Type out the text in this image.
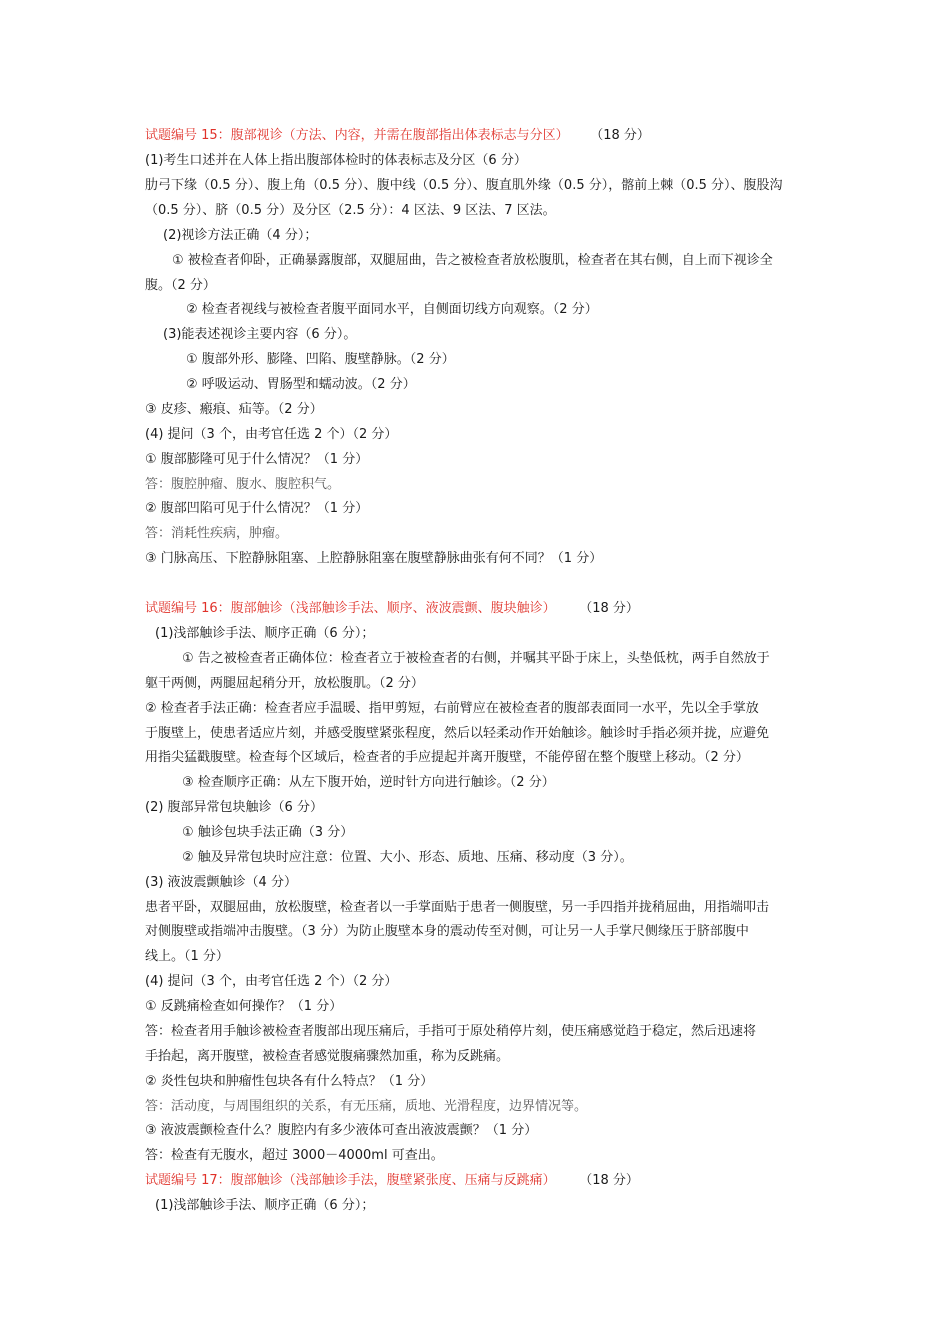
试题编号 15：腹部视诊（方法、内容，并需在腹部指出体表标志与分区） （18 分）
(1)考生口述并在人体上指出腹部体检时的体表标志及分区（6 分）
肋弓下缘（0.5 分）、腹上角（0.5 分）、腹中线（0.5 分）、腹直肌外缘（0.5 分），髂前上棘（0.5 分）、腹股沟
（0.5 分）、脐（0.5 分）及分区（2.5 分）：4 区法、9 区法、7 区法。
(2)视诊方法正确（4 分）；
① 被检查者仰卧，正确暴露腹部，双腿屈曲，告之被检查者放松腹肌，检查者在其右侧，自上而下视诊全
腹。（2 分）
② 检查者视线与被检查者腹平面同水平，自侧面切线方向观察。（2 分）
(3)能表述视诊主要内容（6 分）。
① 腹部外形、膨隆、凹陷、腹壁静脉。（2 分）
② 呼吸运动、胃肠型和蠕动波。（2 分）
③ 皮疹、瘢痕、疝等。（2 分）
(4) 提问（3 个，由考官任选 2 个）（2 分）
① 腹部膨隆可见于什么情况？（1 分）
答：腹腔肿瘤、腹水、腹腔积气。
② 腹部凹陷可见于什么情况？（1 分）
答：消耗性疾病，肿瘤。
③ 门脉高压、下腔静脉阻塞、上腔静脉阻塞在腹壁静脉曲张有何不同？（1 分）
试题编号 16：腹部触诊（浅部触诊手法、顺序、液波震颤、腹块触诊） （18 分）
(1)浅部触诊手法、顺序正确（6 分）；
① 告之被检查者正确体位：检查者立于被检查者的右侧，并嘱其平卧于床上，头垫低枕，两手自然放于
躯干两侧，两腿屈起稍分开，放松腹肌。（2 分）
② 检查者手法正确：检查者应手温暖、指甲剪短，右前臂应在被检查者的腹部表面同一水平，先以全手掌放
于腹壁上，使患者适应片刻，并感受腹壁紧张程度，然后以轻柔动作开始触诊。触诊时手指必须并拢，应避免
用指尖猛戳腹壁。检查每个区域后，检查者的手应提起并离开腹壁，不能停留在整个腹壁上移动。（2 分）
③ 检查顺序正确：从左下腹开始，逆时针方向进行触诊。（2 分）
(2) 腹部异常包块触诊（6 分）
① 触诊包块手法正确（3 分）
② 触及异常包块时应注意：位置、大小、形态、质地、压痛、移动度（3 分）。
(3) 液波震颤触诊（4 分）
患者平卧，双腿屈曲，放松腹壁，检查者以一手掌面贴于患者一侧腹壁，另一手四指并拢稍屈曲，用指端叩击
对侧腹壁或指端冲击腹壁。（3 分）为防止腹壁本身的震动传至对侧，可让另一人手掌尺侧缘压于脐部腹中
线上。（1 分）
(4) 提问（3 个，由考官任选 2 个）（2 分）
① 反跳痛检查如何操作？（1 分）
答：检查者用手触诊被检查者腹部出现压痛后，手指可于原处稍停片刻，使压痛感觉趋于稳定，然后迅速将
手抬起，离开腹壁，被检查者感觉腹痛骤然加重，称为反跳痛。
② 炎性包块和肿瘤性包块各有什么特点？（1 分）
答：活动度，与周围组织的关系，有无压痛，质地、光滑程度，边界情况等。
③ 液波震颤检查什么？腹腔内有多少液体可查出液波震颤？（1 分）
答：检查有无腹水，超过 3000－4000ml 可查出。
试题编号 17：腹部触诊（浅部触诊手法，腹壁紧张度、压痛与反跳痛） （18 分）
(1)浅部触诊手法、顺序正确（6 分）；
